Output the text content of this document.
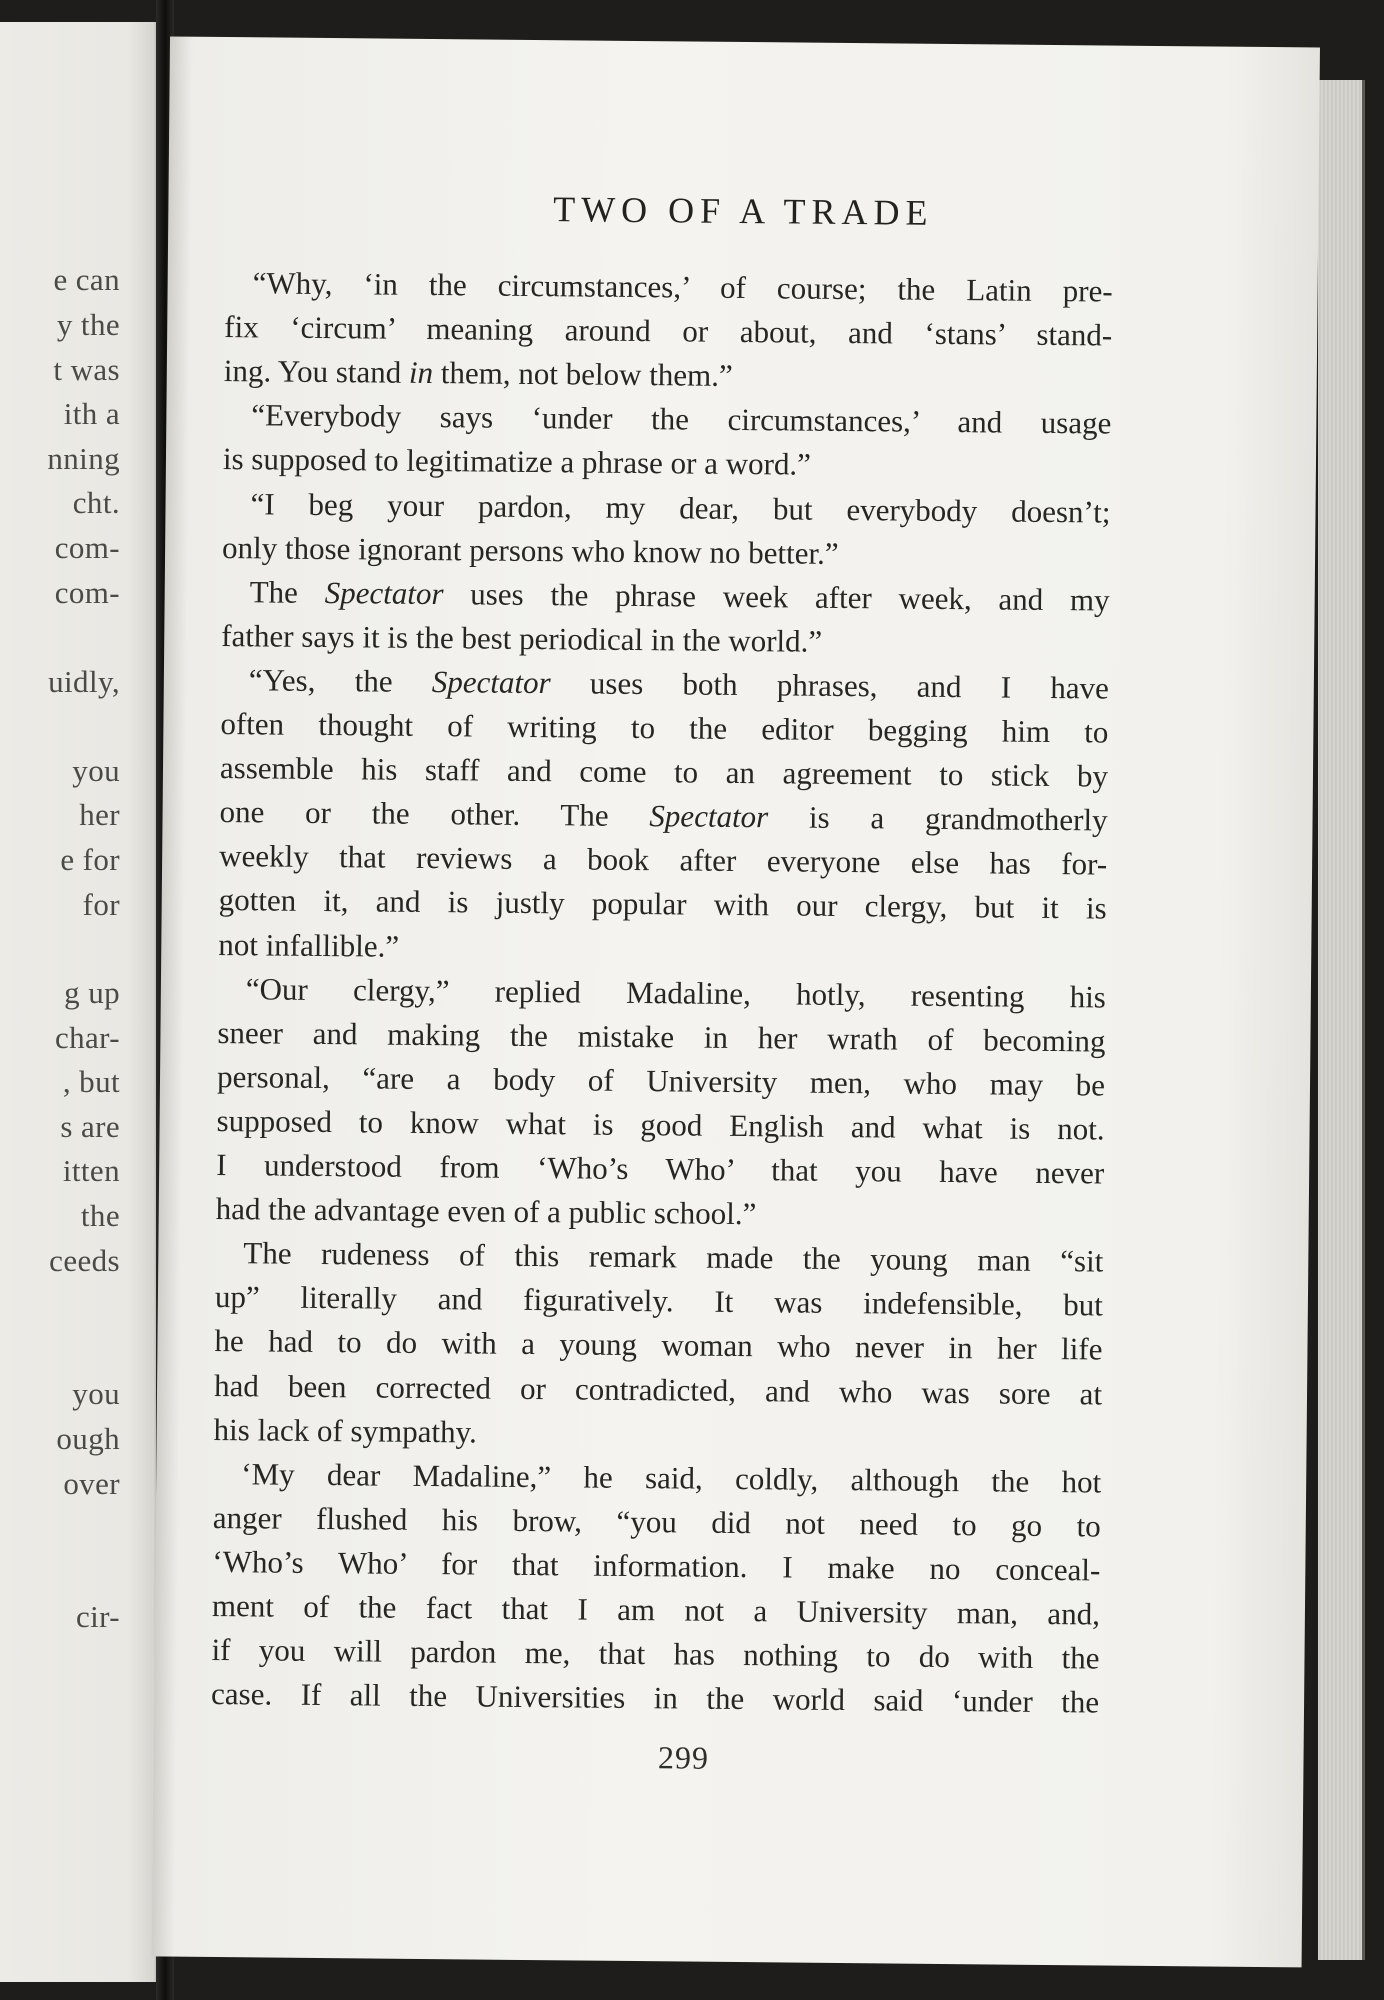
e can
y the
t was
ith a
nning
cht.
com-
com-
uidly,
you
her
e for
for
g up
char-
, but
s are
itten
the
ceeds
you
ough
over
cir-
TWO OF A TRADE
“Why, ‘in the circumstances,’ of course; the Latin pre-
fix ‘circum’ meaning around or about, and ‘stans’ stand-
ing. You stand in them, not below them.”
“Everybody says ‘under the circumstances,’ and usage
is supposed to legitimatize a phrase or a word.”
“I beg your pardon, my dear, but everybody doesn’t;
only those ignorant persons who know no better.”
The Spectator uses the phrase week after week, and my
father says it is the best periodical in the world.”
“Yes, the Spectator uses both phrases, and I have
often thought of writing to the editor begging him to
assemble his staff and come to an agreement to stick by
one or the other. The Spectator is a grandmotherly
weekly that reviews a book after everyone else has for-
gotten it, and is justly popular with our clergy, but it is
not infallible.”
“Our clergy,” replied Madaline, hotly, resenting his
sneer and making the mistake in her wrath of becoming
personal, “are a body of University men, who may be
supposed to know what is good English and what is not.
I understood from ‘Who’s Who’ that you have never
had the advantage even of a public school.”
The rudeness of this remark made the young man “sit
up” literally and figuratively. It was indefensible, but
he had to do with a young woman who never in her life
had been corrected or contradicted, and who was sore at
his lack of sympathy.
‘My dear Madaline,” he said, coldly, although the hot
anger flushed his brow, “you did not need to go to
‘Who’s Who’ for that information. I make no conceal-
ment of the fact that I am not a University man, and,
if you will pardon me, that has nothing to do with the
case. If all the Universities in the world said ‘under the
299
